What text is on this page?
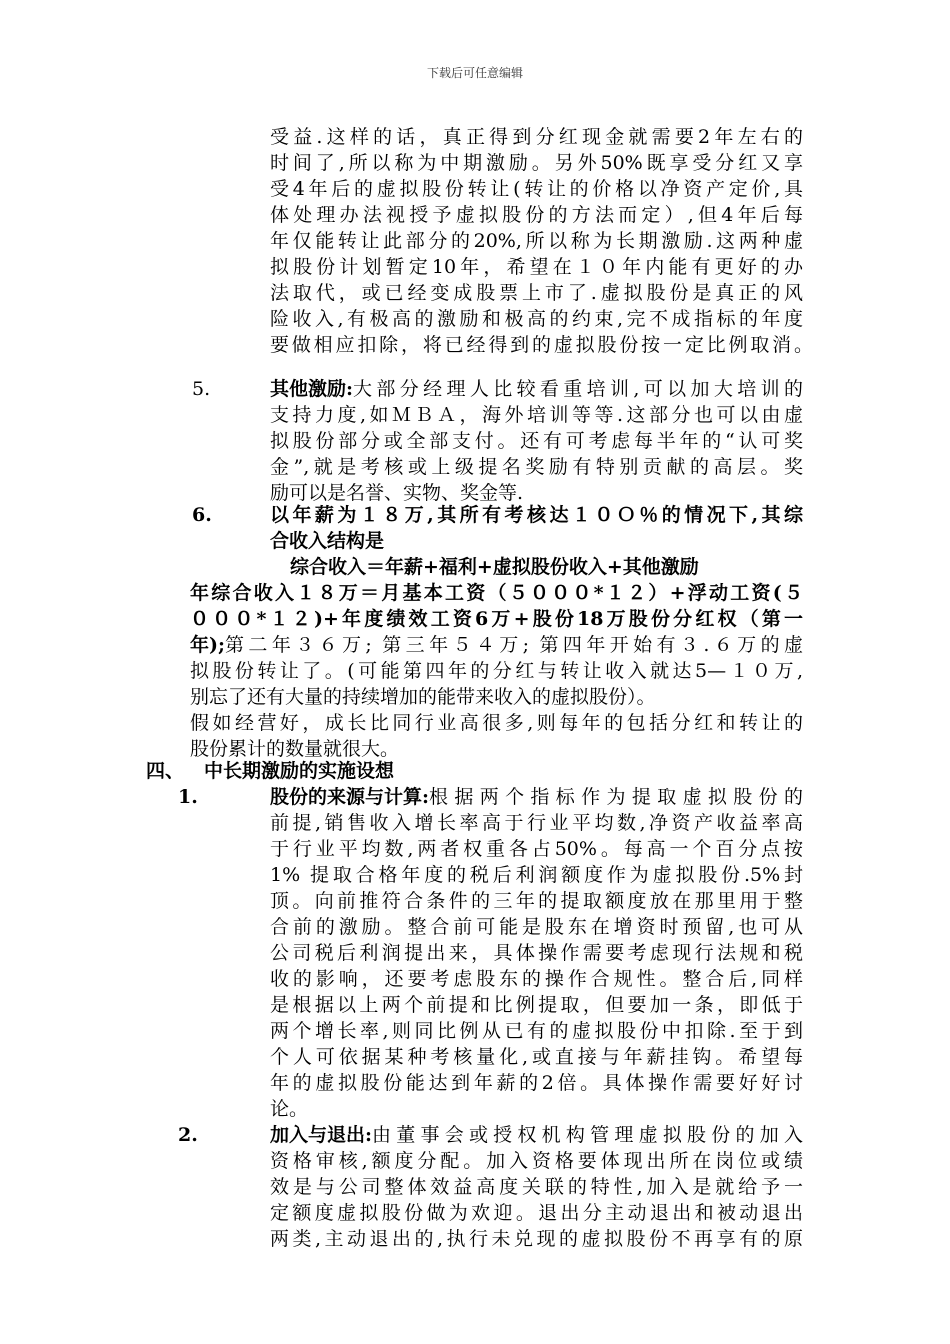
下载后可任意编辑
受益.这样的话，真正得到分红现金就需要2年左右的
时间了,所以称为中期激励。另外50%既享受分红又享
受4年后的虚拟股份转让(转让的价格以净资产定价,具
体处理办法视授予虚拟股份的方法而定）,但4年后每
年仅能转让此部分的20%,所以称为长期激励.这两种虚
拟股份计划暂定10年，希望在１０年内能有更好的办
法取代，或已经变成股票上市了.虚拟股份是真正的风
险收入,有极高的激励和极高的约束,完不成指标的年度
要做相应扣除，将已经得到的虚拟股份按一定比例取消。
5.	其他激励: 大部分经理人比较看重培训,可以加大培训的
支持力度,如ＭＢＡ，海外培训等等.这部分也可以由虚
拟股份部分或全部支付。还有可考虑每半年的“认可奖
金”,就是考核或上级提名奖励有特别贡献的高层。奖
励可以是名誉、实物、奖金等.
6.	以年薪为１８万,其所有考核达１０Ｏ％的情况下,其综
合收入结构是
综合收入＝年薪+福利+虚拟股份收入+其他激励
年综合收入１８万＝月基本工资（５０００*１２）+浮动工资(５
０００*１２)+年度绩效工资6万+股份18万股份分红权（第一
年); 第二年３６万; 第三年５４万; 第四年开始有３.６万的虚
拟股份转让了。(可能第四年的分红与转让收入就达5—１０万,
别忘了还有大量的持续增加的能带来收入的虚拟股份）。
假如经营好，成长比同行业高很多,则每年的包括分红和转让的
股份累计的数量就很大。
四、 中长期激励的实施设想
1.	股份的来源与计算: 根据两个指标作为提取虚拟股份的
前提,销售收入增长率高于行业平均数,净资产收益率高
于行业平均数,两者权重各占50%。每高一个百分点按
1% 提取合格年度的税后利润额度作为虚拟股份.5%封
顶。向前推符合条件的三年的提取额度放在那里用于整
合前的激励。整合前可能是股东在增资时预留,也可从
公司税后利润提出来，具体操作需要考虑现行法规和税
收的影响，还要考虑股东的操作合规性。整合后,同样
是根据以上两个前提和比例提取，但要加一条，即低于
两个增长率,则同比例从已有的虚拟股份中扣除.至于到
个人可依据某种考核量化,或直接与年薪挂钩。希望每
年的虚拟股份能达到年薪的2倍。具体操作需要好好讨
论。
2.	加入与退出: 由董事会或授权机构管理虚拟股份的加入
资格审核,额度分配。加入资格要体现出所在岗位或绩
效是与公司整体效益高度关联的特性,加入是就给予一
定额度虚拟股份做为欢迎。退出分主动退出和被动退出
两类,主动退出的,执行未兑现的虚拟股份不再享有的原
